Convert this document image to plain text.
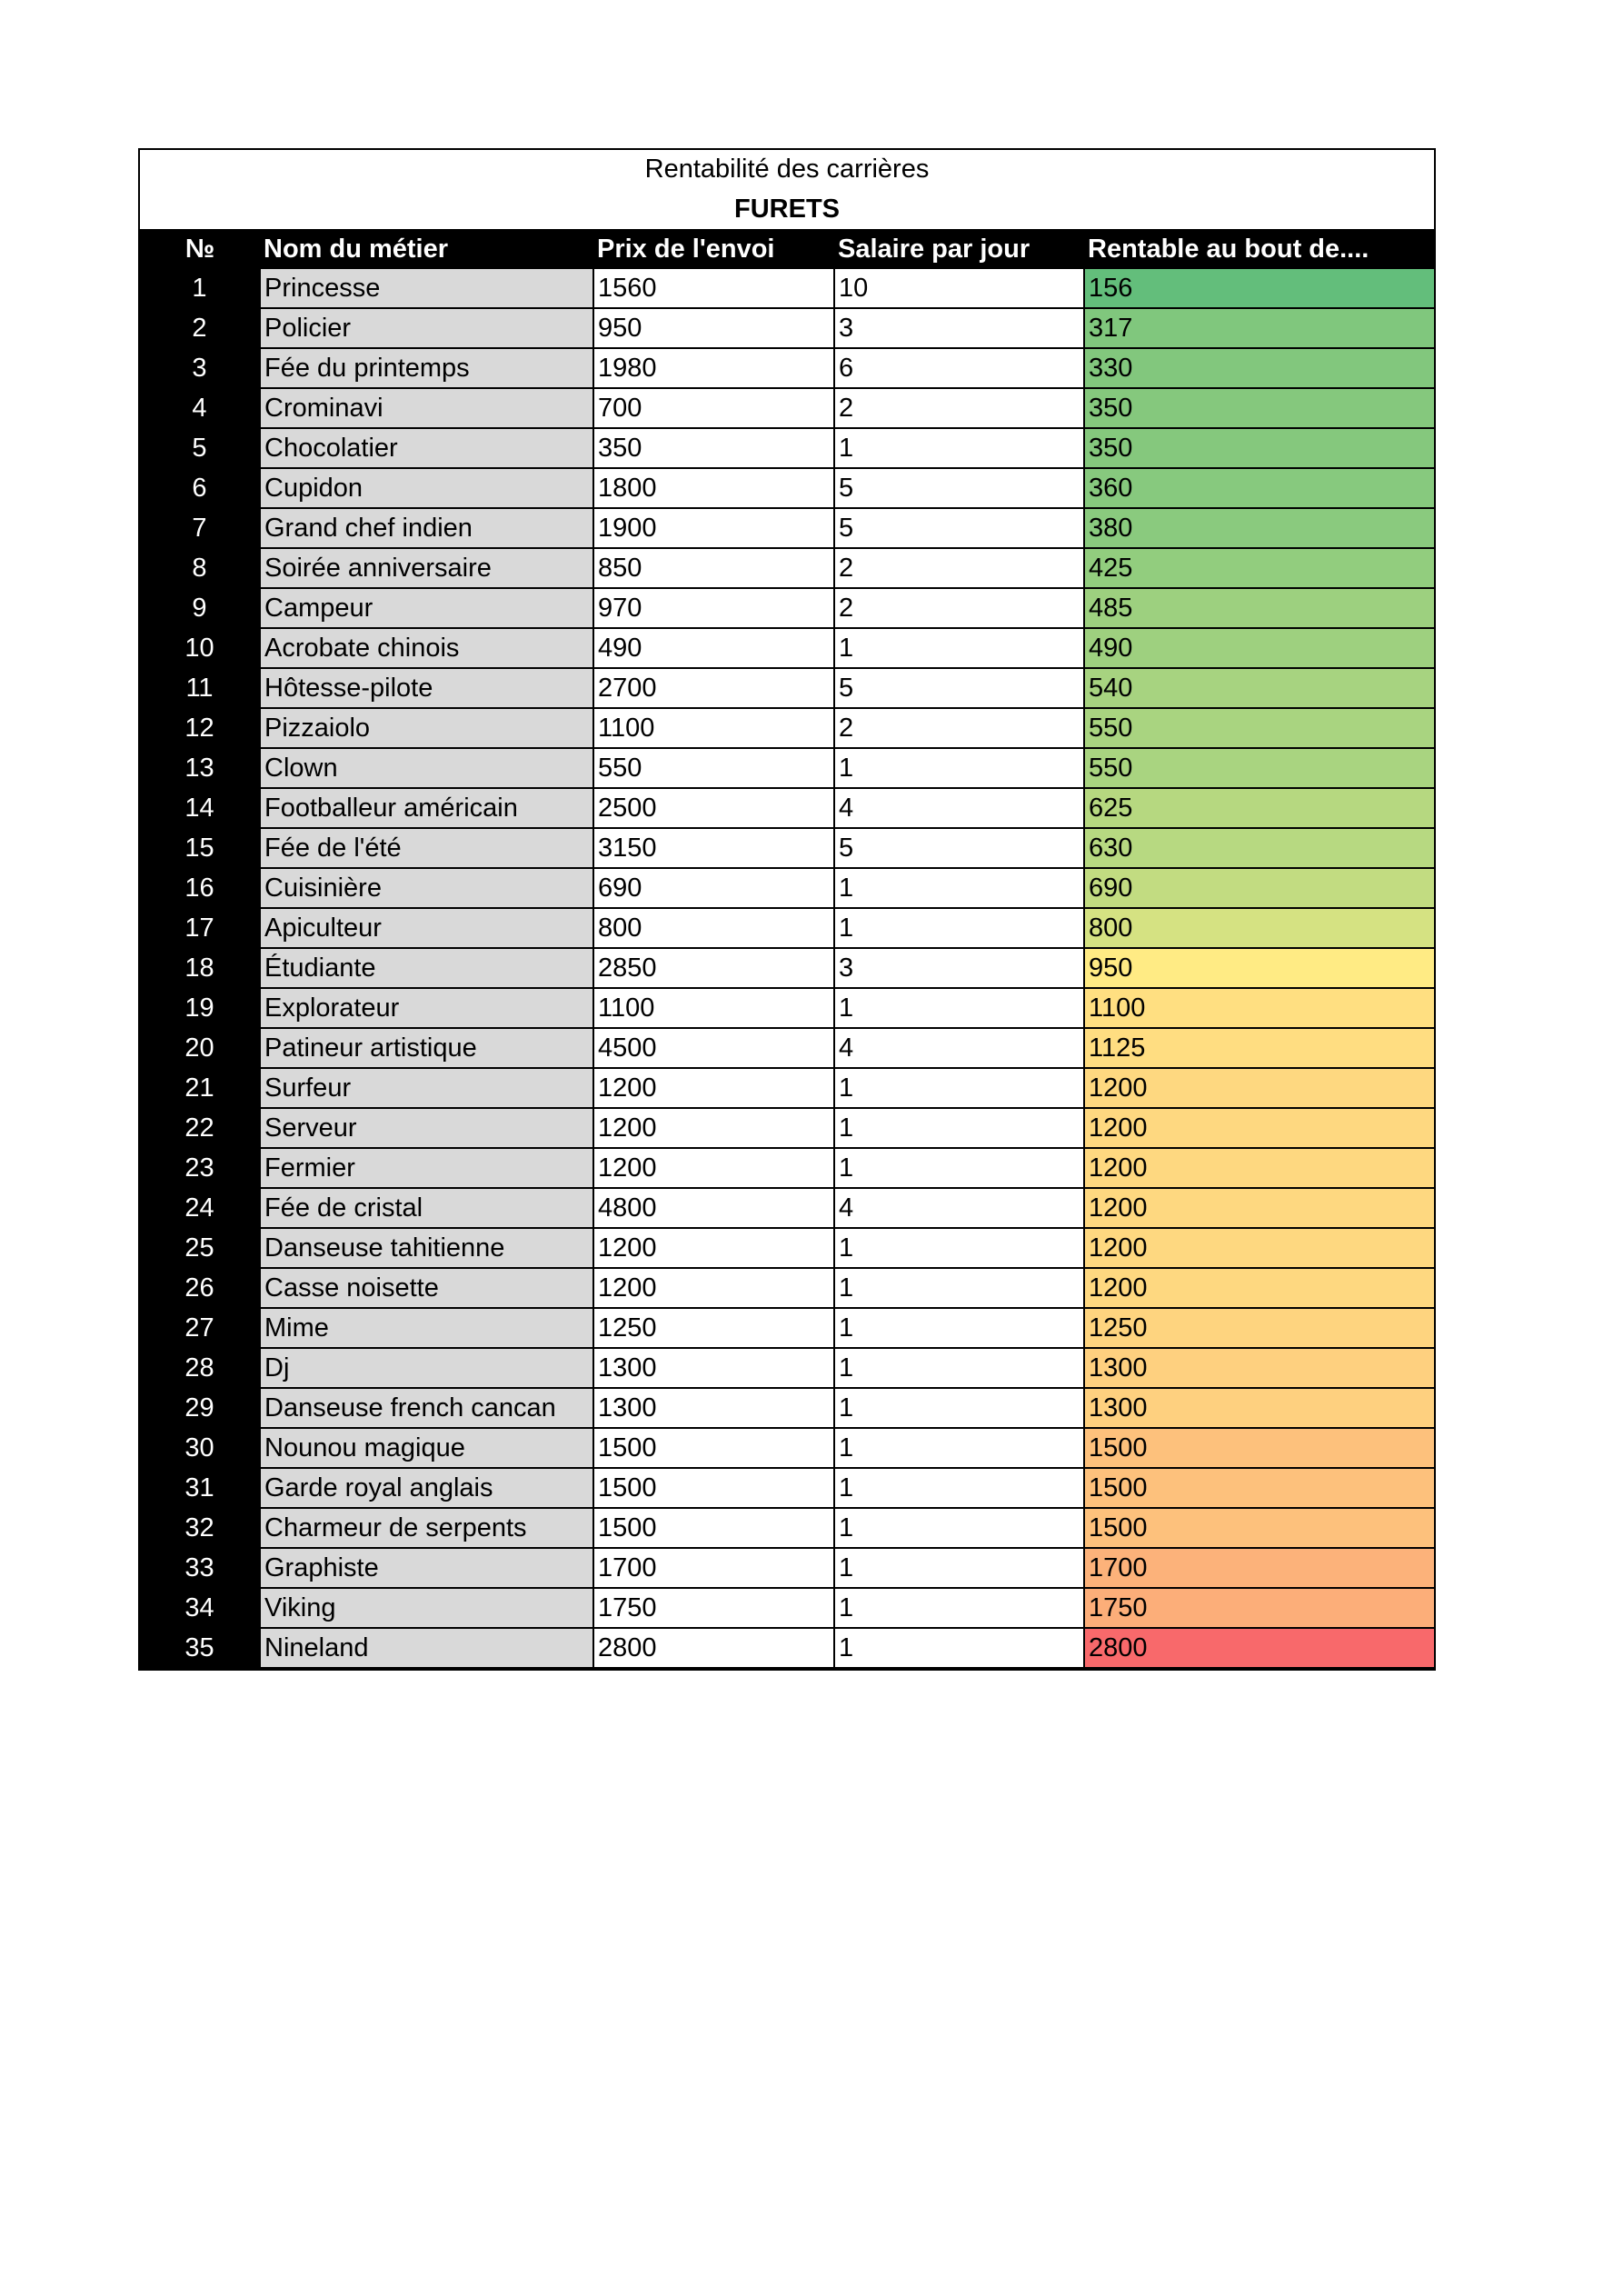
Rentabilité des carrières
FURETS
№	Nom du métier	Prix de l'envoi	Salaire par jour	Rentable au bout de....
1	Princesse	1560	10	156
2	Policier	950	3	317
3	Fée du printemps	1980	6	330
4	Crominavi	700	2	350
5	Chocolatier	350	1	350
6	Cupidon	1800	5	360
7	Grand chef indien	1900	5	380
8	Soirée anniversaire	850	2	425
9	Campeur	970	2	485
10	Acrobate chinois	490	1	490
11	Hôtesse-pilote	2700	5	540
12	Pizzaiolo	1100	2	550
13	Clown	550	1	550
14	Footballeur américain	2500	4	625
15	Fée de l'été	3150	5	630
16	Cuisinière	690	1	690
17	Apiculteur	800	1	800
18	Étudiante	2850	3	950
19	Explorateur	1100	1	1100
20	Patineur artistique	4500	4	1125
21	Surfeur	1200	1	1200
22	Serveur	1200	1	1200
23	Fermier	1200	1	1200
24	Fée de cristal	4800	4	1200
25	Danseuse tahitienne	1200	1	1200
26	Casse noisette	1200	1	1200
27	Mime	1250	1	1250
28	Dj	1300	1	1300
29	Danseuse french cancan	1300	1	1300
30	Nounou magique	1500	1	1500
31	Garde royal anglais	1500	1	1500
32	Charmeur de serpents	1500	1	1500
33	Graphiste	1700	1	1700
34	Viking	1750	1	1750
35	Nineland	2800	1	2800
